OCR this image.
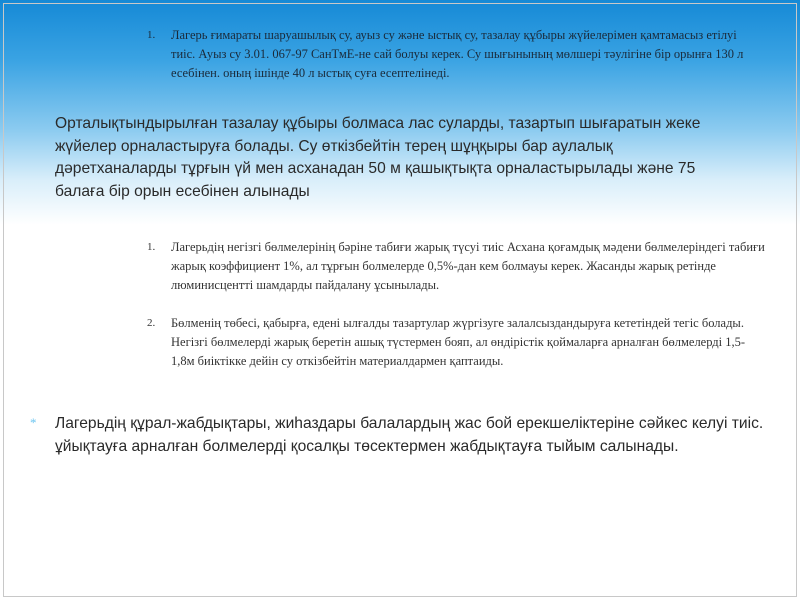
1. Лагерь ғимараты шаруашылық су, ауыз су және ыстық су, тазалау құбыры жүйелерімен қамтамасыз етілуі тиіс. Ауыз су 3.01. 067-97 СанТмЕ-не сай болуы керек. Су шығынының мөлшері тәулігіне бір орынға 130 л есебінен. оның ішінде 40 л ыстық суға есептелінеді.
Орталықтындырылған тазалау құбыры болмаса лас суларды, тазартып шығаратын жеке жүйелер орналастыруға болады. Су өткізбейтін терең шұңқыры бар аулалық дәретханаларды тұрғын үй мен асханадан 50 м қашықтықта орналастырылады және 75 балаға бір орын есебінен алынады
1. Лагерьдің негізгі бөлмелерінің бәріне табиғи жарық түсуі тиіс Асхана қоғамдық мәдени бөлмелеріндегі табиғи жарық коэффициент 1%, ал тұрғын болмелерде 0,5%-дан кем болмауы керек. Жасанды жарық ретінде люминисцентті шамдарды пайдалану ұсынылады.
2. Бөлменің төбесі, қабырға, едені ылғалды тазартулар жүргізуге залалсыздандыруға кететіндей тегіс болады. Негізгі бөлмелерді жарық беретін ашық түстермен бояп, ал өндірістік қоймаларға арналған бөлмелерді 1,5-1,8м биіктікке дейін су откізбейтін материалдармен қаптаиды.
* Лагерьдің құрал-жабдықтары, жиһаздары балалардың жас бой ерекшеліктеріне сәйкес келуі тиіс. ұйықтауға арналған болмелерді қосалқы төсектермен жабдықтауға тыйым салынады.
